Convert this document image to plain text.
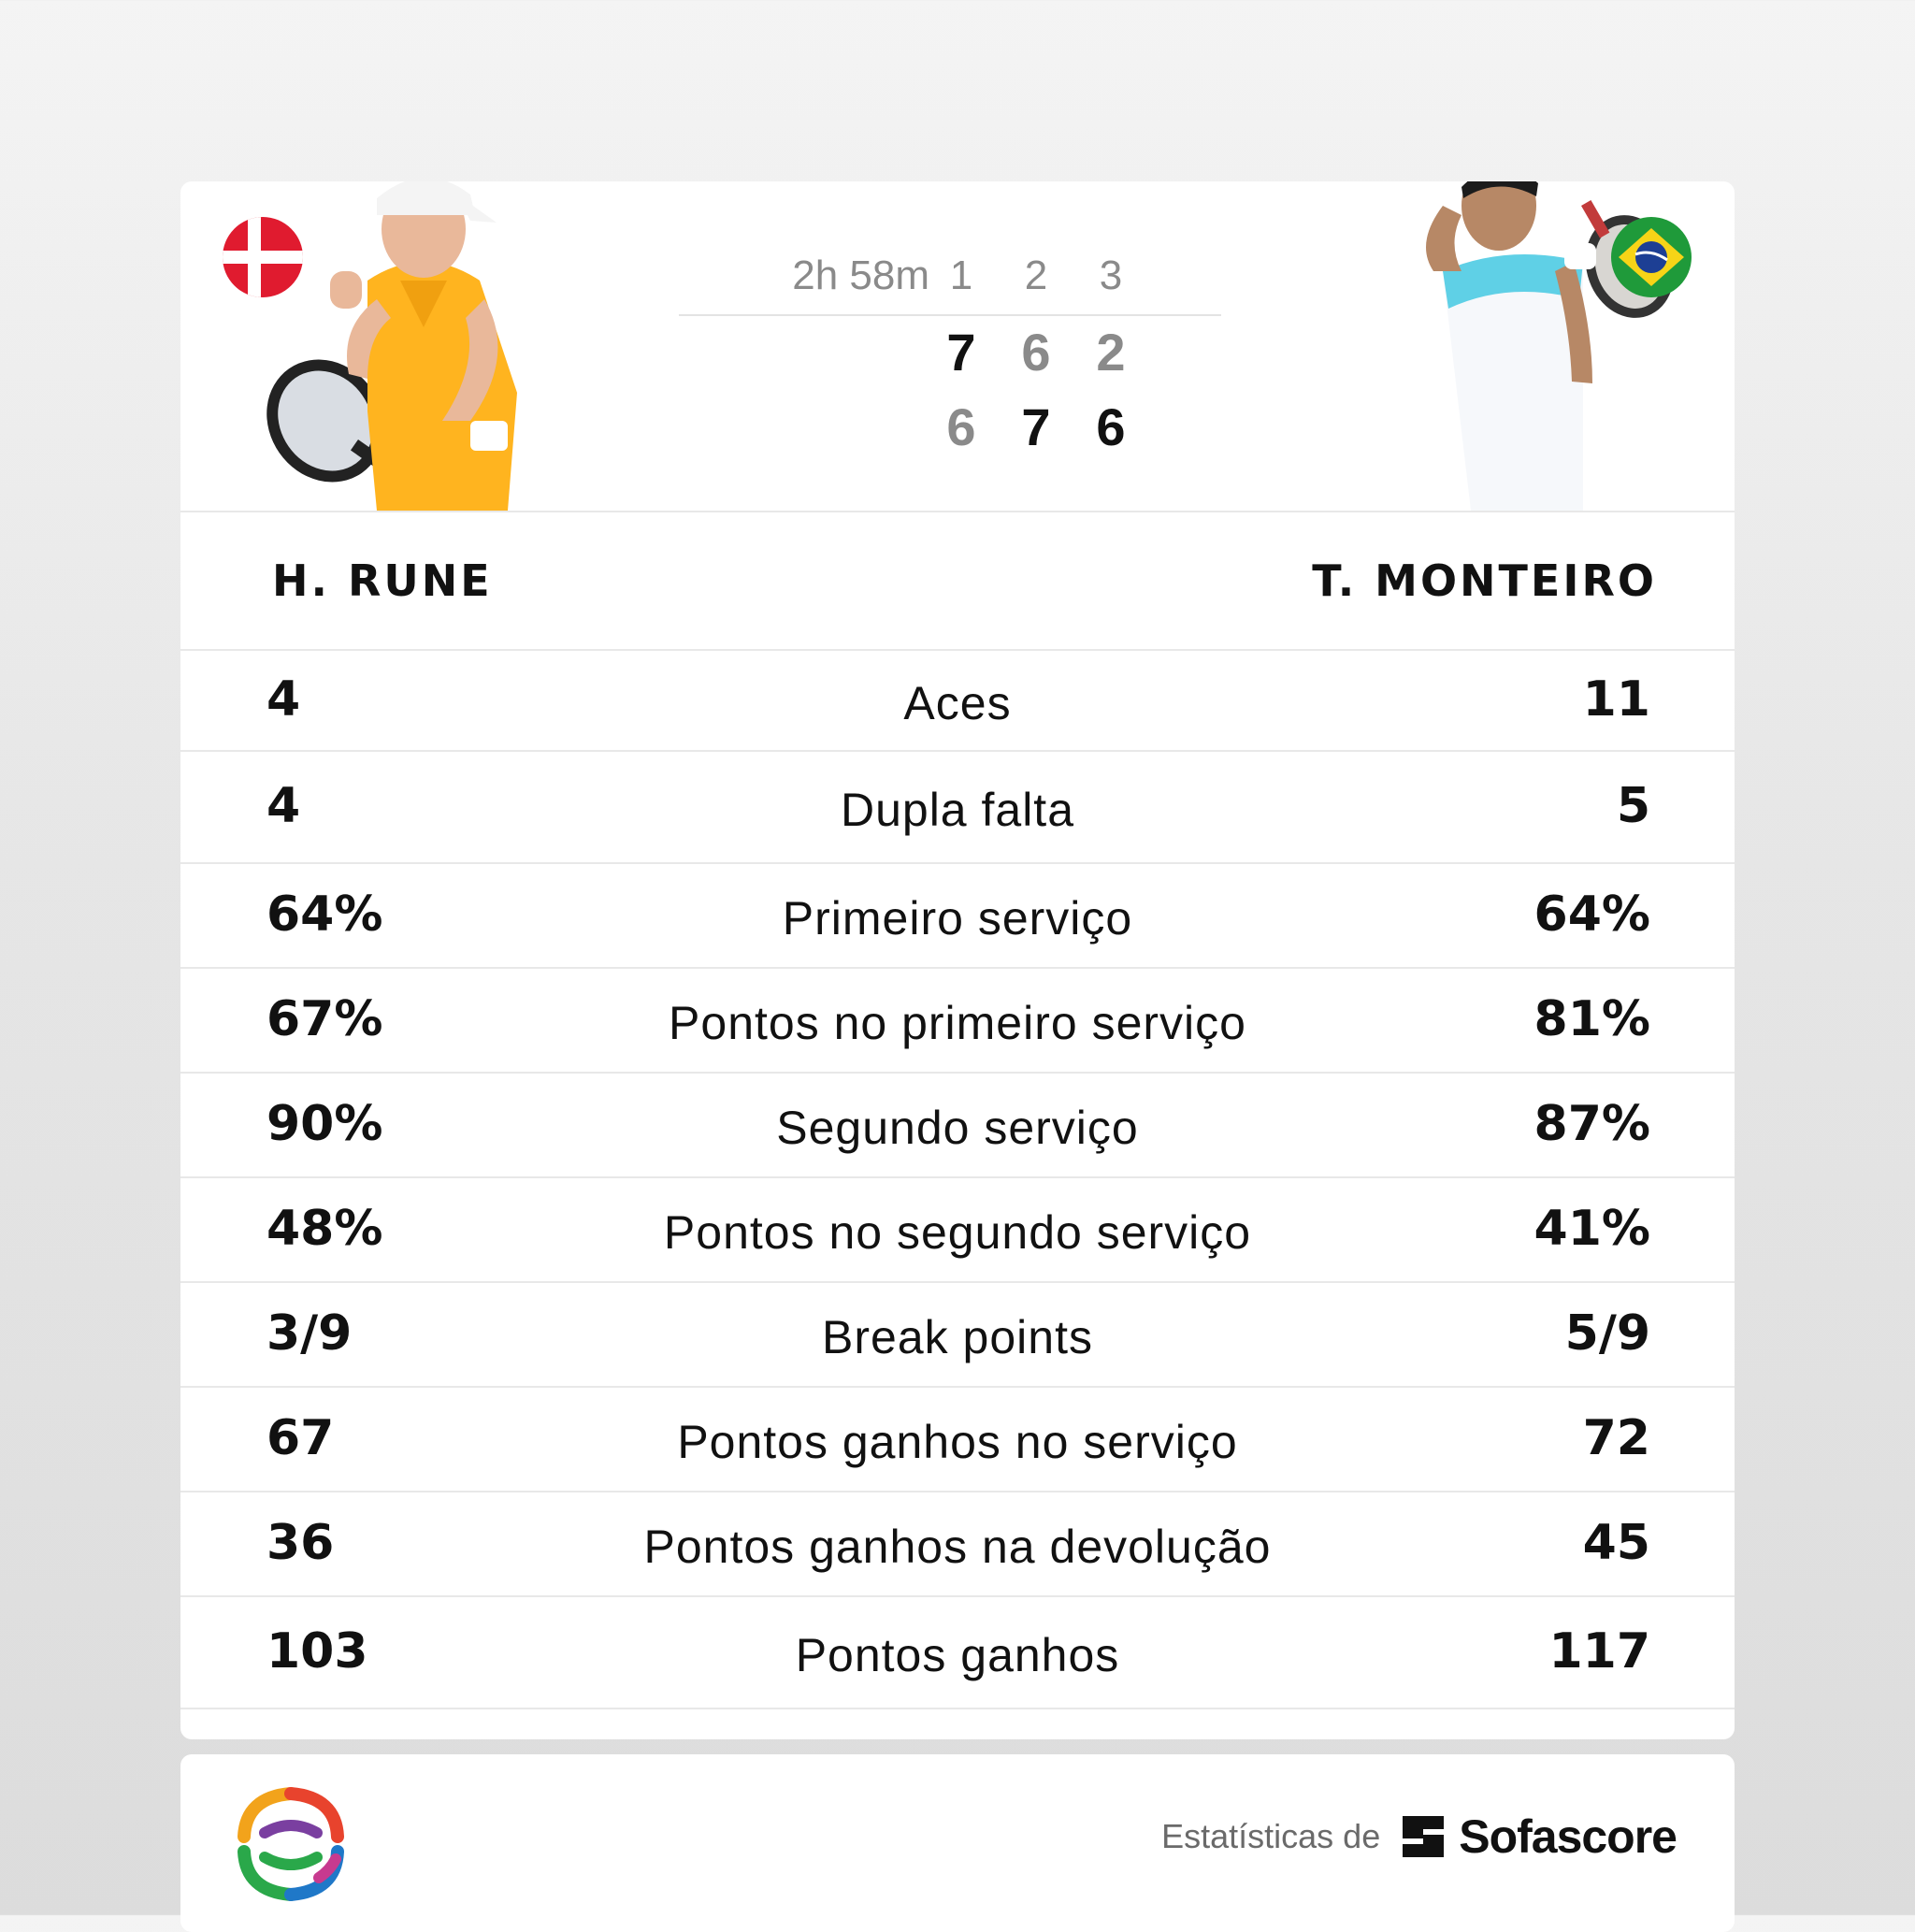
2h 58m 1	2	3
7 6 2
6 7 6
H. RUNE	T. MONTEIRO
4	Aces	11
4	Dupla falta	5
64%	Primeiro serviço	64%
67%	Pontos no primeiro serviço	81%
90%	Segundo serviço	87%
48%	Pontos no segundo serviço	41%
3/9	Break points	5/9
67	Pontos ganhos no serviço	72
36	Pontos ganhos na devolução	45
103	Pontos ganhos	117
Estatísticas de Sofascore
